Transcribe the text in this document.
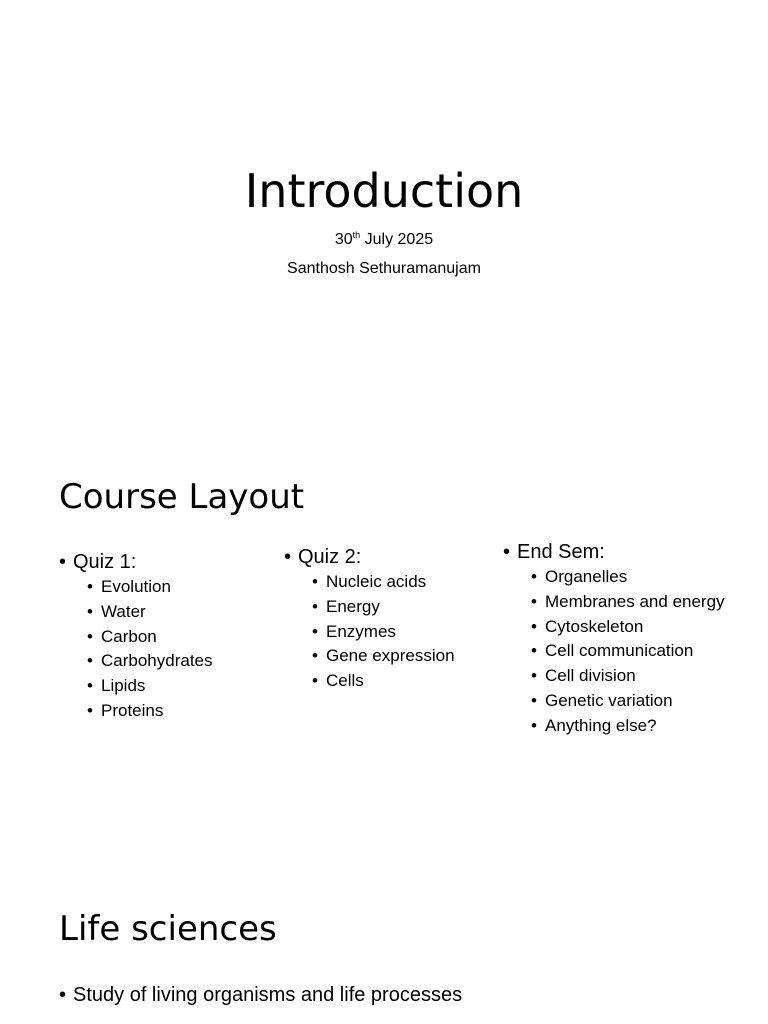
Introduction

30th July 2025

Santhosh Sethuramanujam

Course Layout

• Quiz 1:

• Evolution
• Water
• Carbon
• Carbohydrates
• Lipids
• Proteins

• Quiz 2:

• Nucleic acids
• Energy
• Enzymes
• Gene expression
• Cells

• End Sem:

• Organelles
• Membranes and energy
• Cytoskeleton
• Cell communication
• Cell division
• Genetic variation
• Anything else?
Life sciences

• Study of living organisms and life processes
